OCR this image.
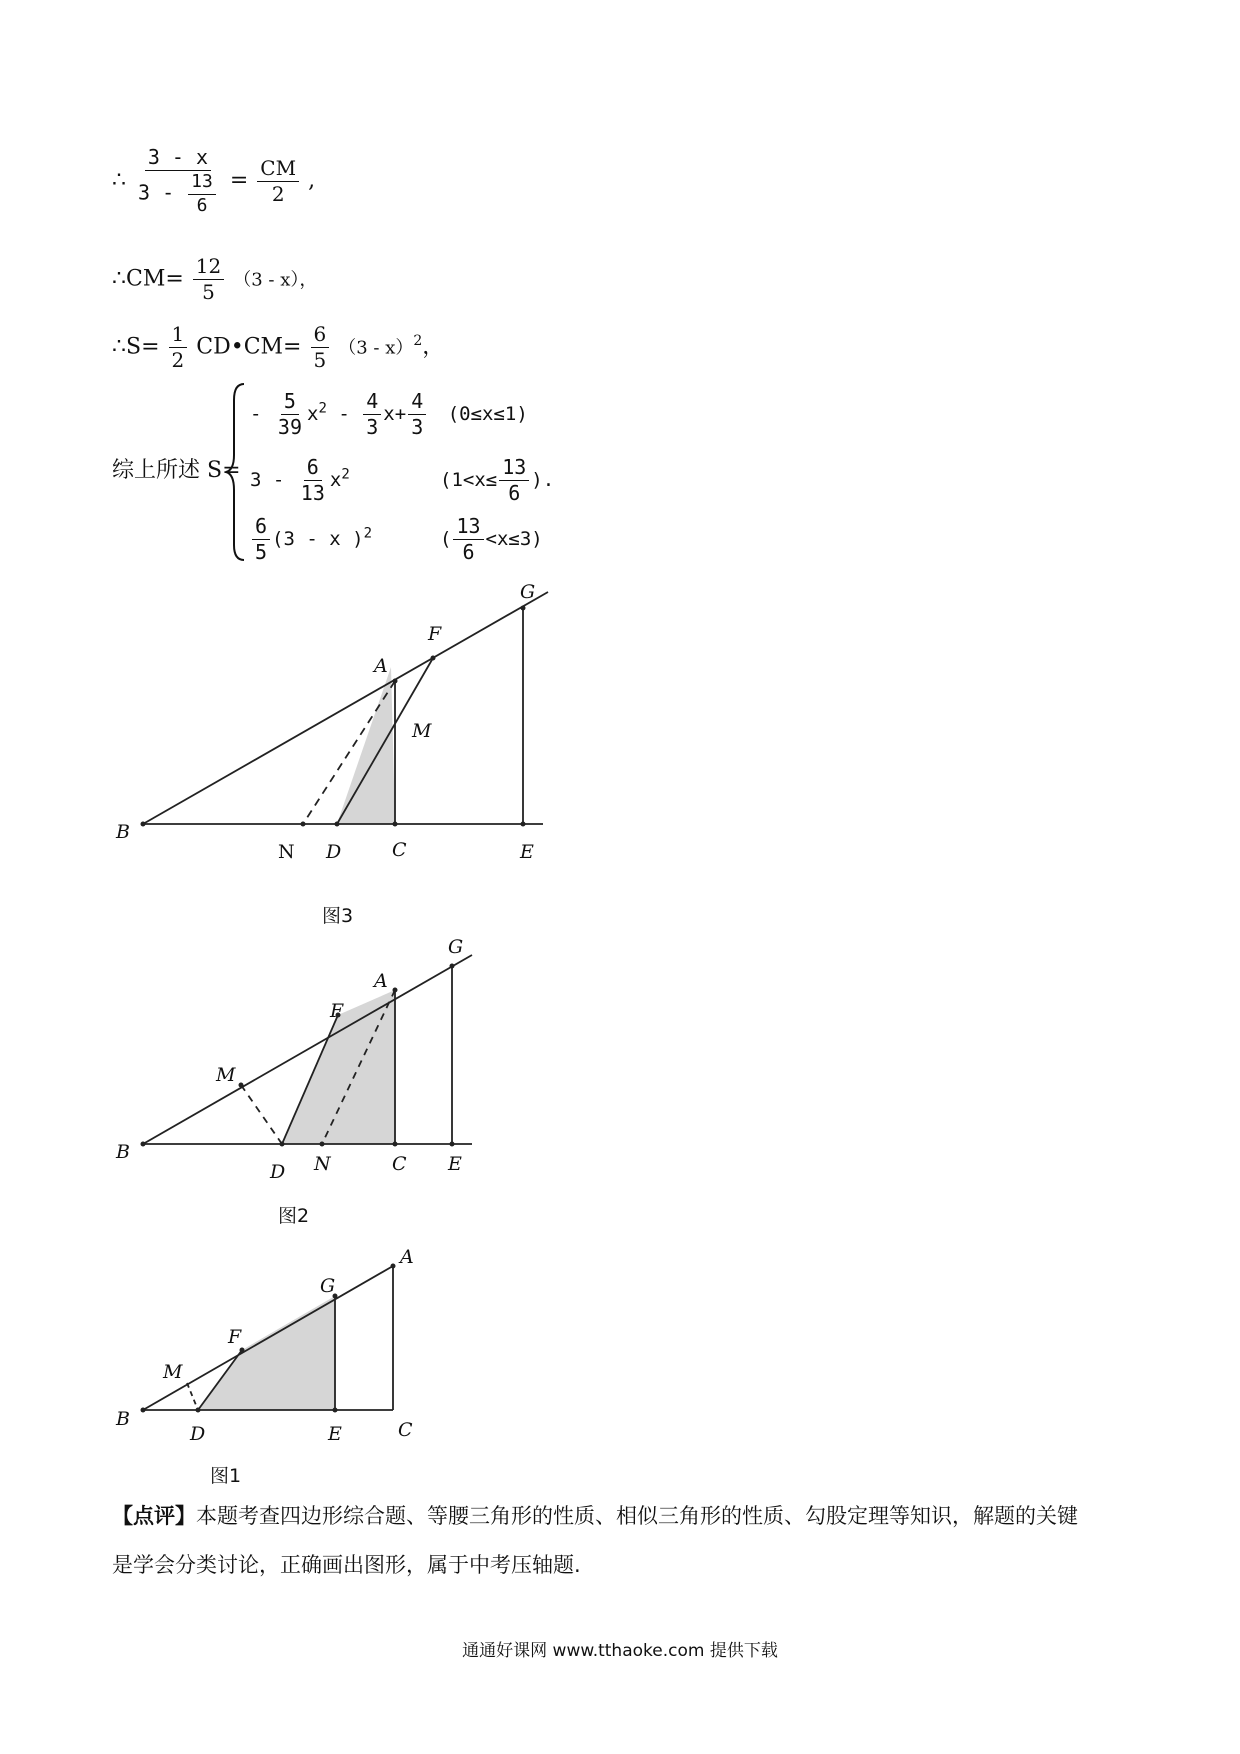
∴ $\frac{3 - x}{3 - \frac{13}{6}} = \frac{CM}{2}$ ,
∴CM= $\frac{12}{5} (3 - x)$，
∴S= $\frac{1}{2}$ CD•CM= $\frac{6}{5} (3 - x)^2$，
综上所述 S=
- $\frac{5}{39} x^2 - \frac{4}{3} x+ \frac{4}{3} (0\le x\le 1)$
$3 - \frac{6}{13} x^2$	($1<x\le \frac{13}{6}$ ).
$\frac{6}{5} (3$ - x )$^2$	( $\frac{13}{6} <x\le 3$)
G
F
A
M
B
N D	C	E
图3
G
A
F
M
B
D N	C E
图2
A
G
F
M
B
D	E	C
图1
【点评】本题考查四边形综合题、等腰三角形的性质、相似三角形的性质、勾股定理等知识，解题的关键
是学会分类讨论，正确画出图形，属于中考压轴题.
通通好课网 www.tthaoke.com 提供下载
